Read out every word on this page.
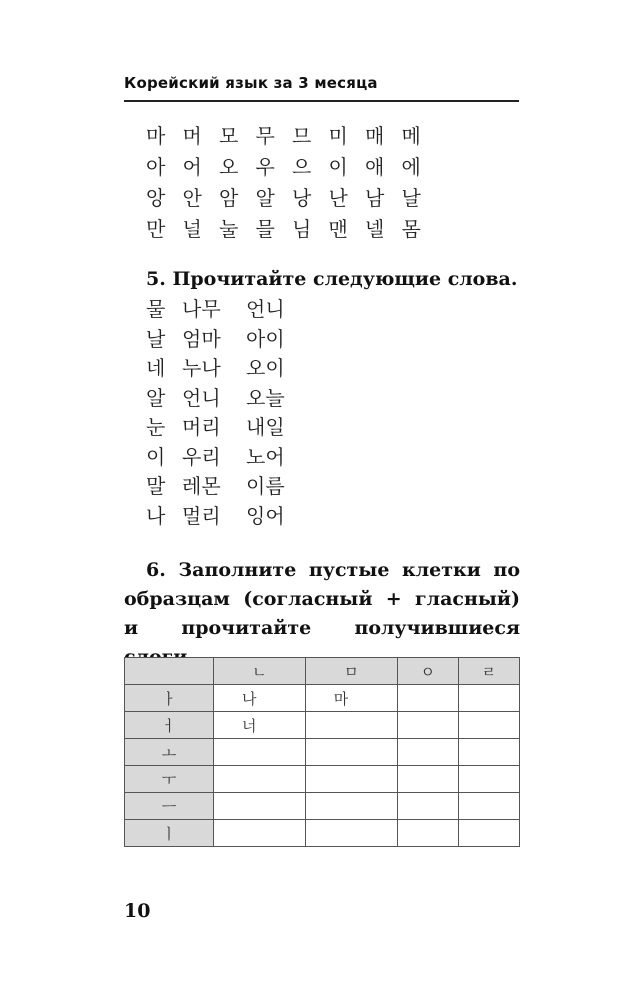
Корейский язык за 3 месяца
마 머 모 무 므 미 매 메
아 어 오 우 으 이 애 에
앙 안 암 알 낭 난 남 날
만 널 눌 믈 님 맨 넬 몸
5. Прочитайте следующие слова.
물 나무	언니
날 엄마	아이
네 누나	오이
알 언니	오늘
눈 머리	내일
이 우리	노어
말 레몬	이름
나 멀리	잉어
6. Заполните пустые клетки по образцам (согласный + гласный) и прочитайте получившиеся
	ㄴ	ㅁ	ㅇ	ㄹ
ㅏ	나	마		
ㅓ	너			
ㅗ				
ㅜ				
ㅡ				
ㅣ				
10
